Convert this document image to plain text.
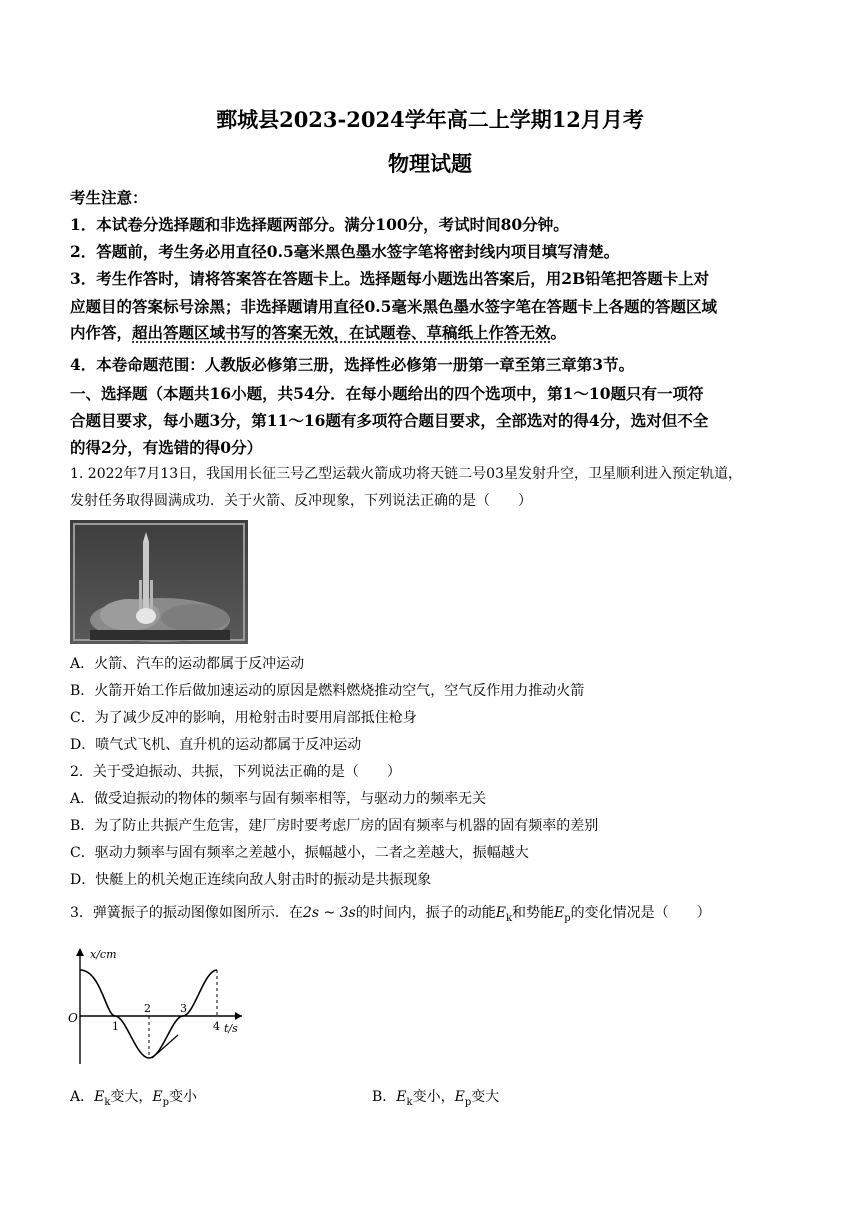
鄄城县2023-2024学年高二上学期12月月考
物理试题
考生注意：
1．本试卷分选择题和非选择题两部分。满分100分，考试时间80分钟。
2．答题前，考生务必用直径0.5毫米黑色墨水签字笔将密封线内项目填写清楚。
3．考生作答时，请将答案答在答题卡上。选择题每小题选出答案后，用2B铅笔把答题卡上对
应题目的答案标号涂黑；非选择题请用直径0.5毫米黑色墨水签字笔在答题卡上各题的答题区域
内作答，超出答题区域书写的答案无效，在试题卷、草稿纸上作答无效。
4．本卷命题范围：人教版必修第三册，选择性必修第一册第一章至第三章第3节。
一、选择题（本题共16小题，共54分．在每小题给出的四个选项中，第1～10题只有一项符
合题目要求，每小题3分，第11～16题有多项符合题目要求，全部选对的得4分，选对但不全
的得2分，有选错的得0分）
1. 2022年7月13日，我国用长征三号乙型运载火箭成功将天链二号03星发射升空，卫星顺利进入预定轨道，
发射任务取得圆满成功．关于火箭、反冲现象，下列说法正确的是（　　）
A．火箭、汽车的运动都属于反冲运动
B．火箭开始工作后做加速运动的原因是燃料燃烧推动空气，空气反作用力推动火箭
C．为了减少反冲的影响，用枪射击时要用肩部抵住枪身
D．喷气式飞机、直升机的运动都属于反冲运动
2．关于受迫振动、共振，下列说法正确的是（　　）
A．做受迫振动的物体的频率与固有频率相等，与驱动力的频率无关
B．为了防止共振产生危害，建厂房时要考虑厂房的固有频率与机器的固有频率的差别
C．驱动力频率与固有频率之差越小，振幅越小，二者之差越大，振幅越大
D．快艇上的机关炮正连续向敌人射击时的振动是共振现象
3．弹簧振子的振动图像如图所示．在2s ~ 3s的时间内，振子的动能$E_k$和势能$E_p$的变化情况是（　　）
x/cm
O
1
2	3
4 t/s
A．$E_k$变大，$E_p$变小	B．$E_k$变小，$E_p$变大
